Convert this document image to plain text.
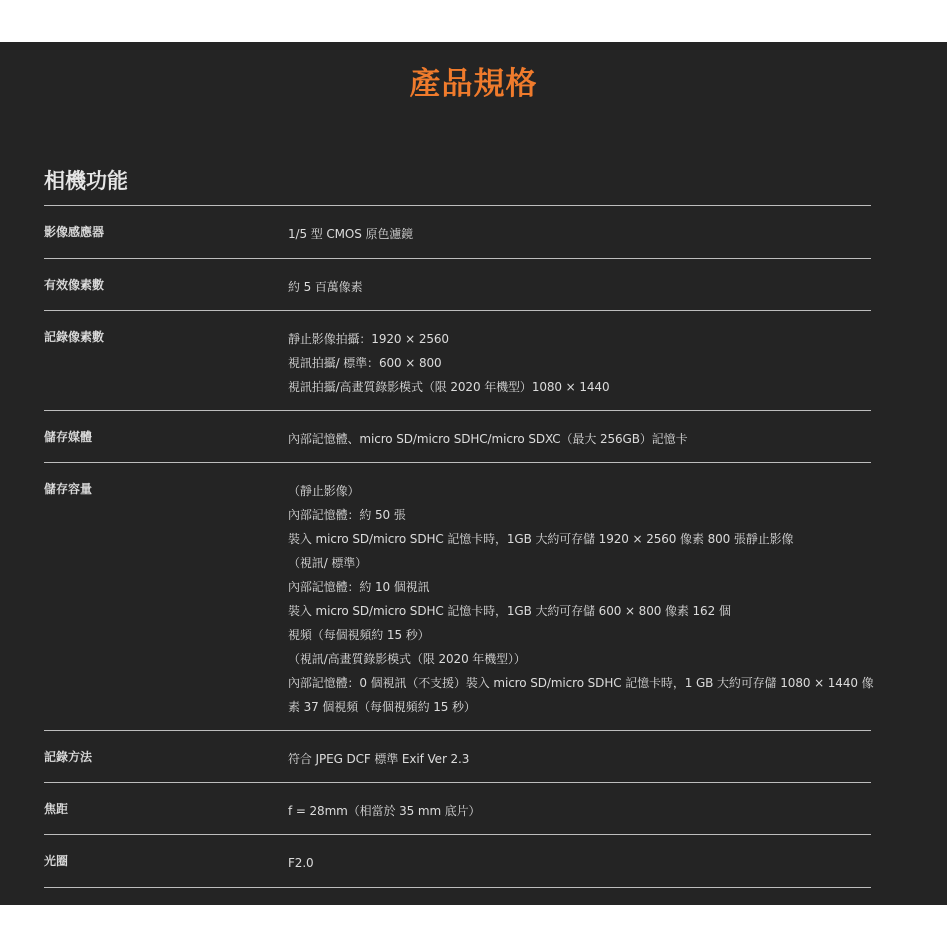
產品規格
相機功能
影像感應器	1/5 型 CMOS 原色濾鏡
有效像素數	約 5 百萬像素
記錄像素數	靜止影像拍攝：1920 × 2560
視訊拍攝/ 標準：600 × 800
視訊拍攝/高畫質錄影模式（限 2020 年機型）1080 × 1440
儲存媒體	內部記憶體、micro SD/micro SDHC/micro SDXC（最大 256GB）記憶卡
儲存容量	（靜止影像）
內部記憶體：約 50 張
裝入 micro SD/micro SDHC 記憶卡時，1GB 大約可存儲 1920 × 2560 像素 800 張靜止影像
（視訊/ 標準）
內部記憶體：約 10 個視訊
裝入 micro SD/micro SDHC 記憶卡時，1GB 大約可存儲 600 × 800 像素 162 個
視頻（每個視頻約 15 秒）
（視訊/高畫質錄影模式（限 2020 年機型））
內部記憶體：0 個視訊（不支援）裝入 micro SD/micro SDHC 記憶卡時，1 GB 大約可存儲 1080 × 1440 像
素 37 個視頻（每個視頻約 15 秒）
記錄方法	符合 JPEG DCF 標準 Exif Ver 2.3
焦距	f = 28mm（相當於 35 mm 底片）
光圈	F2.0
